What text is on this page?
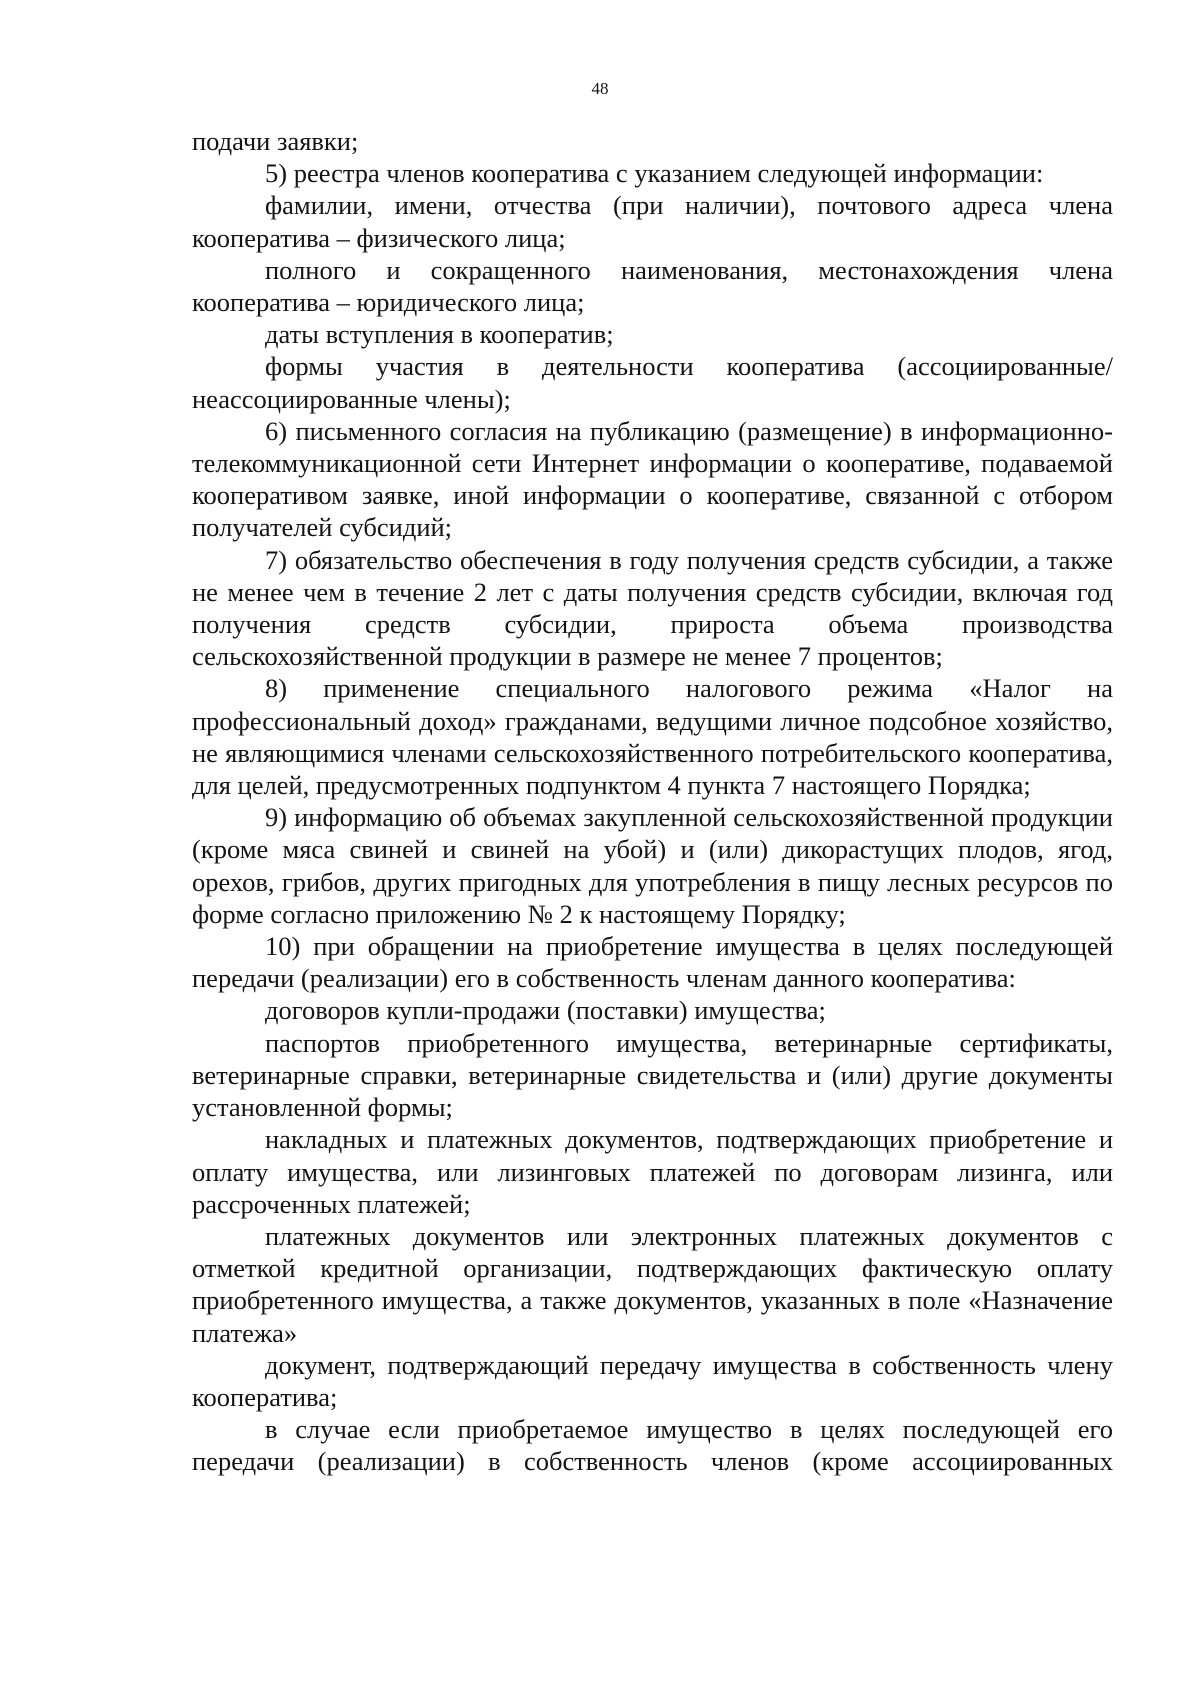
48

подачи заявки;

5) реестра членов кооператива с указанием следующей информации:

фамилии, имени, отчества (при наличии), почтового адреса члена кооператива – физического лица;

полного и сокращенного наименования, местонахождения члена кооператива – юридического лица;

даты вступления в кооператив;

формы участия в деятельности кооператива (ассоциированные/неассоциированные члены);

6) письменного согласия на публикацию (размещение) в информационно-телекоммуникационной сети Интернет информации о кооперативе, подаваемой кооперативом заявке, иной информации о кооперативе, связанной с отбором получателей субсидий;

7) обязательство обеспечения в году получения средств субсидии, а также не менее чем в течение 2 лет с даты получения средств субсидии, включая год получения средств субсидии, прироста объема производства сельскохозяйственной продукции в размере не менее 7 процентов;

8) применение специального налогового режима «Налог на профессиональный доход» гражданами, ведущими личное подсобное хозяйство, не являющимися членами сельскохозяйственного потребительского кооператива, для целей, предусмотренных подпунктом 4 пункта 7 настоящего Порядка;

9) информацию об объемах закупленной сельскохозяйственной продукции (кроме мяса свиней и свиней на убой) и (или) дикорастущих плодов, ягод, орехов, грибов, других пригодных для употребления в пищу лесных ресурсов по форме согласно приложению № 2 к настоящему Порядку;

10) при обращении на приобретение имущества в целях последующей передачи (реализации) его в собственность членам данного кооператива:

договоров купли-продажи (поставки) имущества;

паспортов приобретенного имущества, ветеринарные сертификаты, ветеринарные справки, ветеринарные свидетельства и (или) другие документы установленной формы;

накладных и платежных документов, подтверждающих приобретение и оплату имущества, или лизинговых платежей по договорам лизинга, или рассроченных платежей;

платежных документов или электронных платежных документов с отметкой кредитной организации, подтверждающих фактическую оплату приобретенного имущества, а также документов, указанных в поле «Назначение платежа»

документ, подтверждающий передачу имущества в собственность члену кооператива;

в случае если приобретаемое имущество в целях последующей его передачи (реализации) в собственность членов (кроме ассоциированных
